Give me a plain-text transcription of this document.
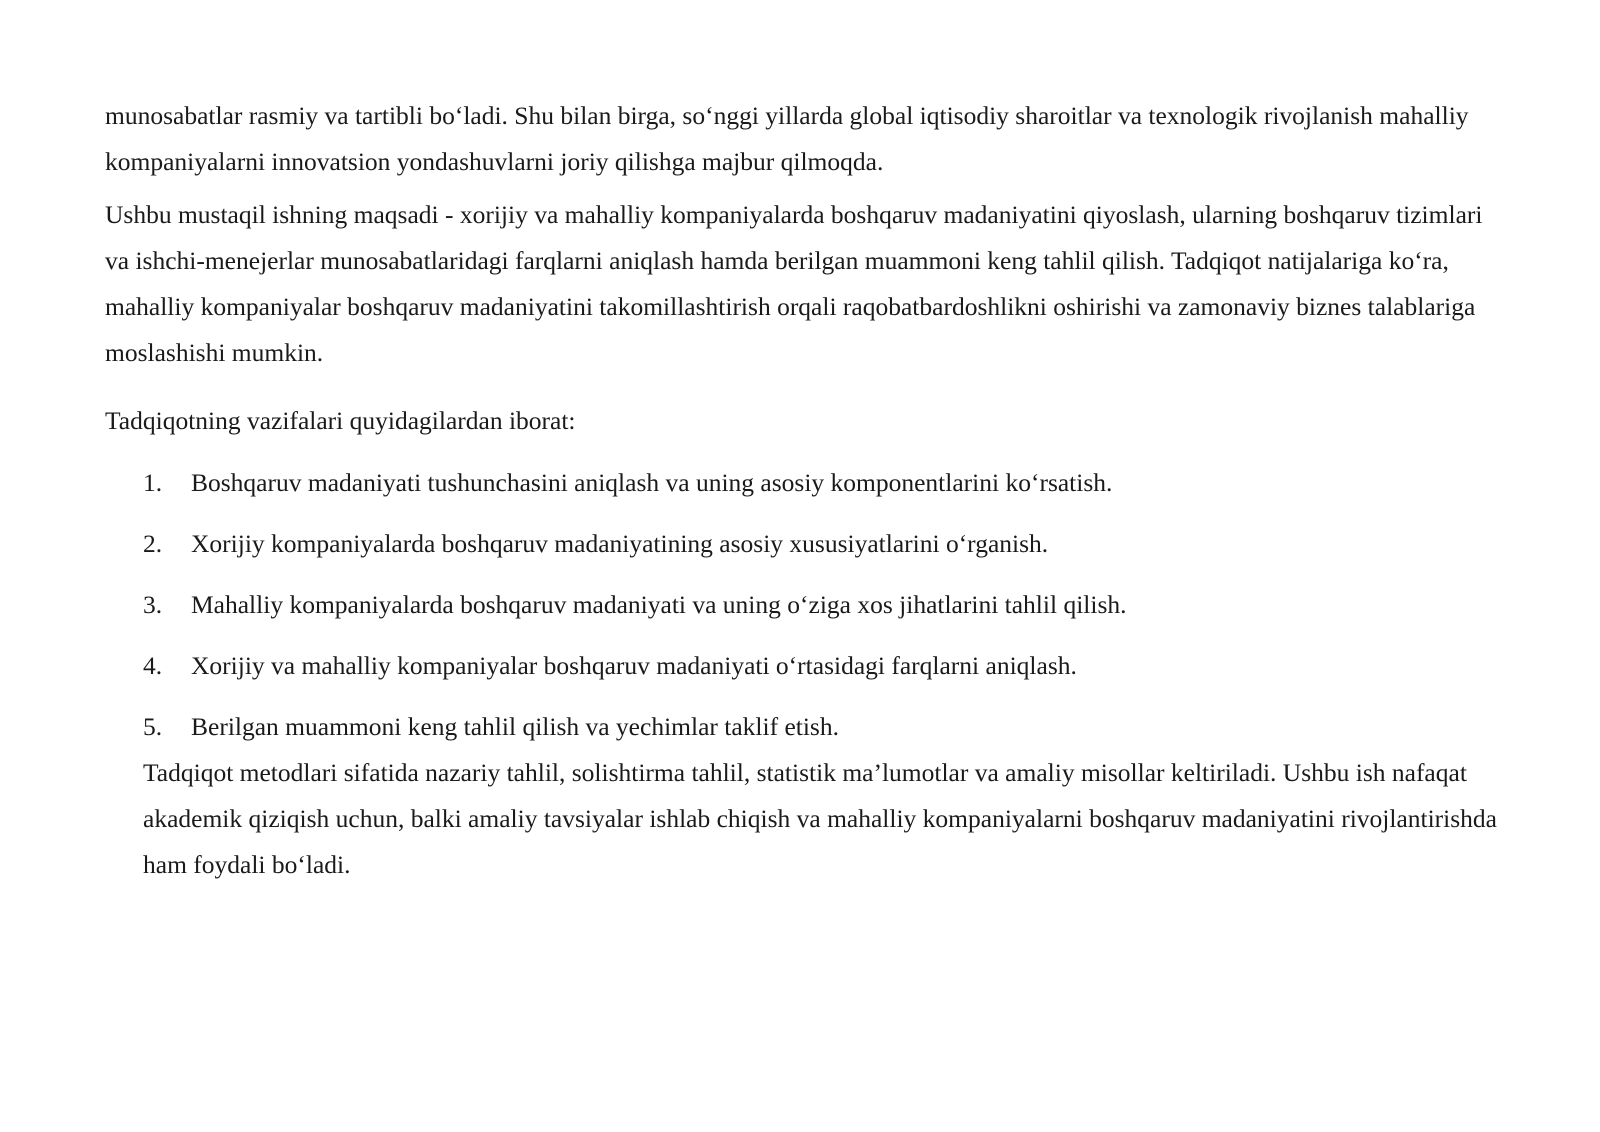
munosabatlar rasmiy va tartibli bo‘ladi. Shu bilan birga, so‘nggi yillarda global iqtisodiy sharoitlar va texnologik rivojlanish mahalliy kompaniyalarni innovatsion yondashuvlarni joriy qilishga majbur qilmoqda.

Ushbu mustaqil ishning maqsadi - xorijiy va mahalliy kompaniyalarda boshqaruv madaniyatini qiyoslash, ularning boshqaruv tizimlari va ishchi-menejerlar munosabatlaridagi farqlarni aniqlash hamda berilgan muammoni keng tahlil qilish. Tadqiqot natijalariga ko‘ra, mahalliy kompaniyalar boshqaruv madaniyatini takomillashtirish orqali raqobatbardoshlikni oshirishi va zamonaviy biznes talablariga moslashishi mumkin.

Tadqiqotning vazifalari quyidagilardan iborat:

1. Boshqaruv madaniyati tushunchasini aniqlash va uning asosiy komponentlarini ko‘rsatish.
2. Xorijiy kompaniyalarda boshqaruv madaniyatining asosiy xususiyatlarini o‘rganish.
3. Mahalliy kompaniyalarda boshqaruv madaniyati va uning o‘ziga xos jihatlarini tahlil qilish.
4. Xorijiy va mahalliy kompaniyalar boshqaruv madaniyati o‘rtasidagi farqlarni aniqlash.
5. Berilgan muammoni keng tahlil qilish va yechimlar taklif etish.

Tadqiqot metodlari sifatida nazariy tahlil, solishtirma tahlil, statistik ma’lumotlar va amaliy misollar keltiriladi. Ushbu ish nafaqat akademik qiziqish uchun, balki amaliy tavsiyalar ishlab chiqish va mahalliy kompaniyalarni boshqaruv madaniyatini rivojlantirishda ham foydali bo‘ladi.
